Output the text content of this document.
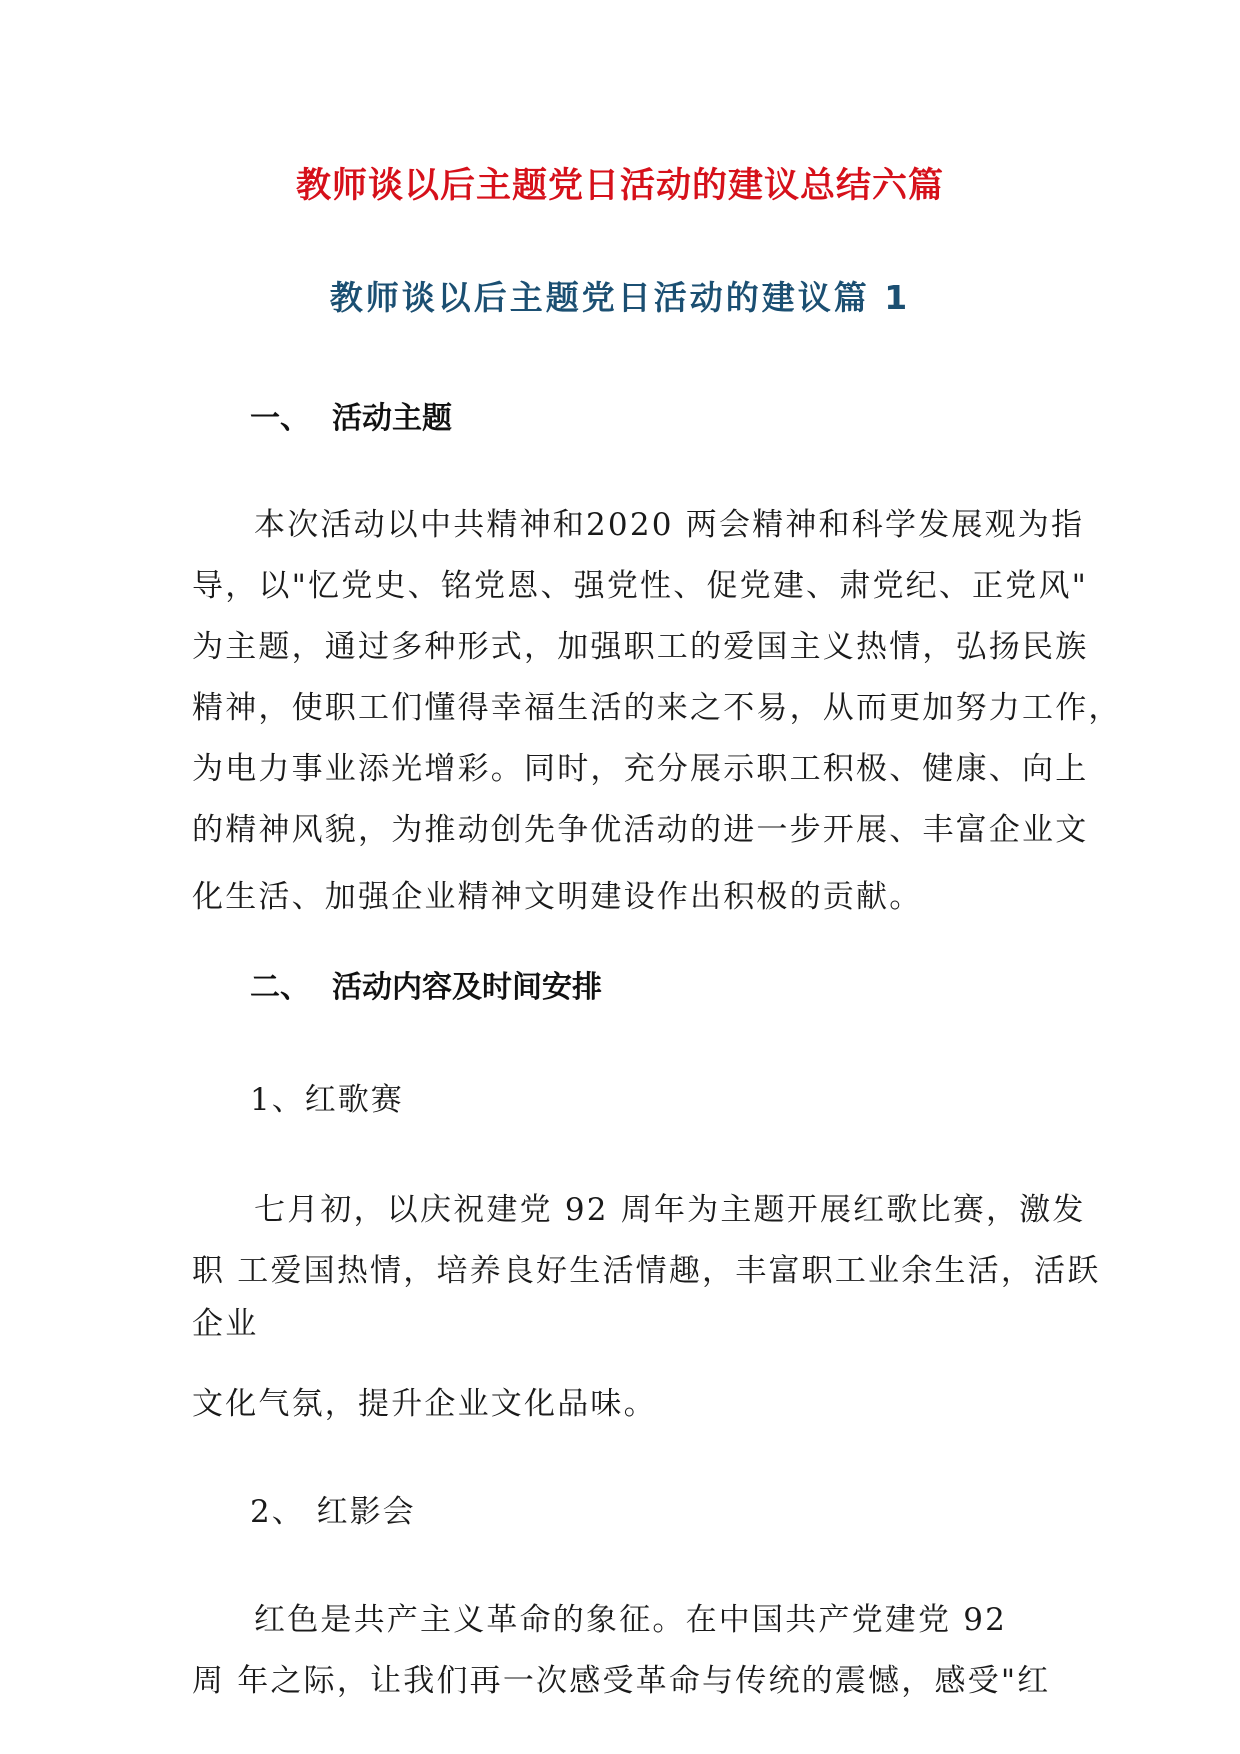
教师谈以后主题党日活动的建议总结六篇
教师谈以后主题党日活动的建议篇 1
一、 活动主题
本次活动以中共精神和2020 两会精神和科学发展观为指
导，以"忆党史、铭党恩、强党性、促党建、肃党纪、正党风"
为主题，通过多种形式，加强职工的爱国主义热情，弘扬民族
精神，使职工们懂得幸福生活的来之不易，从而更加努力工作，
为电力事业添光增彩。同时，充分展示职工积极、健康、向上
的精神风貌，为推动创先争优活动的进一步开展、丰富企业文
化生活、加强企业精神文明建设作出积极的贡献。
二、 活动内容及时间安排
1、红歌赛
七月初，以庆祝建党 92 周年为主题开展红歌比赛，激发
职 工爱国热情，培养良好生活情趣，丰富职工业余生活，活跃
企业
文化气氛，提升企业文化品味。
2、 红影会
红色是共产主义革命的象征。在中国共产党建党 92
周 年之际，让我们再一次感受革命与传统的震憾，感受"红
